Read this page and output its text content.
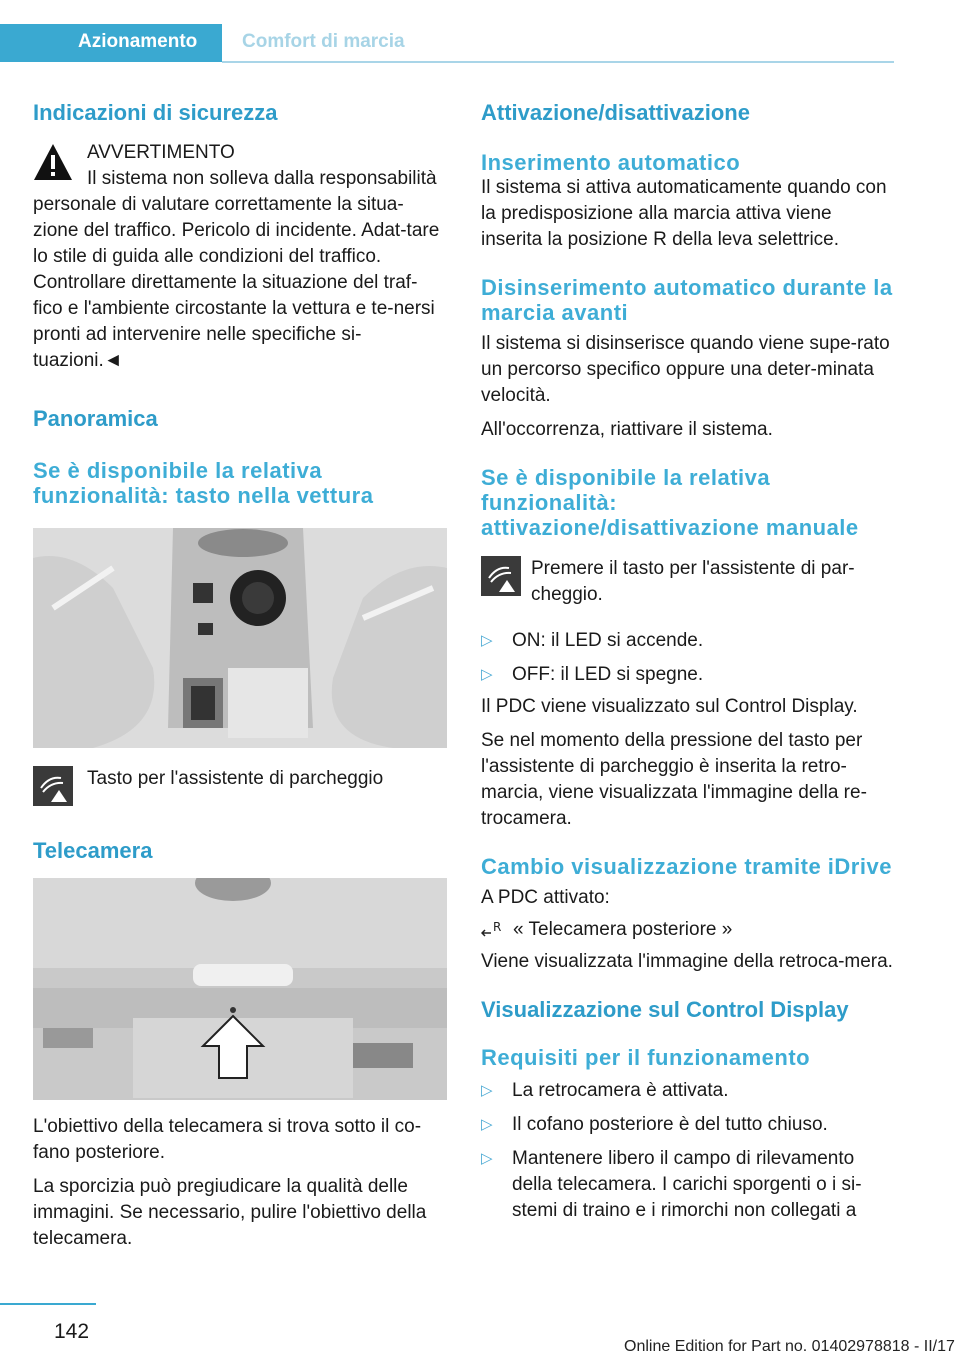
Azionamento Comfort di marcia
Indicazioni di sicurezza

AVVERTIMENTO

Il sistema non solleva dalla responsabilità

personale di valutare correttamente la situa-zione del traffico. Pericolo di incidente. Adat-tare lo stile di guida alle condizioni del traffico. Controllare direttamente la situazione del traf-fico e l'ambiente circostante la vettura e te-nersi pronti ad intervenire nelle specifiche si-tuazioni.◄

Panoramica
Se è disponibile la relativa funzionalità: tasto nella vettura
Tasto per l'assistente di parcheggio
Telecamera

L'obiettivo della telecamera si trova sotto il co-fano posteriore.

La sporcizia può pregiudicare la qualità delle immagini. Se necessario, pulire l'obiettivo della telecamera.

Attivazione/disattivazione
Inserimento automatico

Il sistema si attiva automaticamente quando con la predisposizione alla marcia attiva viene inserita la posizione R della leva selettrice.

Disinserimento automatico durante la marcia avanti

Il sistema si disinserisce quando viene supe-rato un percorso specifico oppure una deter-minata velocità.

All'occorrenza, riattivare il sistema.

Se è disponibile la relativa funzionalità: attivazione/disattivazione manuale

Premere il tasto per l'assistente di par-cheggio.

▷ ON: il LED si accende.
▷ OFF: il LED si spegne.

Il PDC viene visualizzato sul Control Display.

Se nel momento della pressione del tasto per l'assistente di parcheggio è inserita la retro-marcia, viene visualizzata l'immagine della re-trocamera.

Cambio visualizzazione tramite iDrive

A PDC attivato:

R « Telecamera posteriore »

Viene visualizzata l'immagine della retroca-mera.

Visualizzazione sul Control Display
Requisiti per il funzionamento
▷ La retrocamera è attivata.
▷ Il cofano posteriore è del tutto chiuso.
▷ Mantenere libero il campo di rilevamento della telecamera. I carichi sporgenti o i si-stemi di traino e i rimorchi non collegati a
142
Online Edition for Part no. 01402978818 - II/17
